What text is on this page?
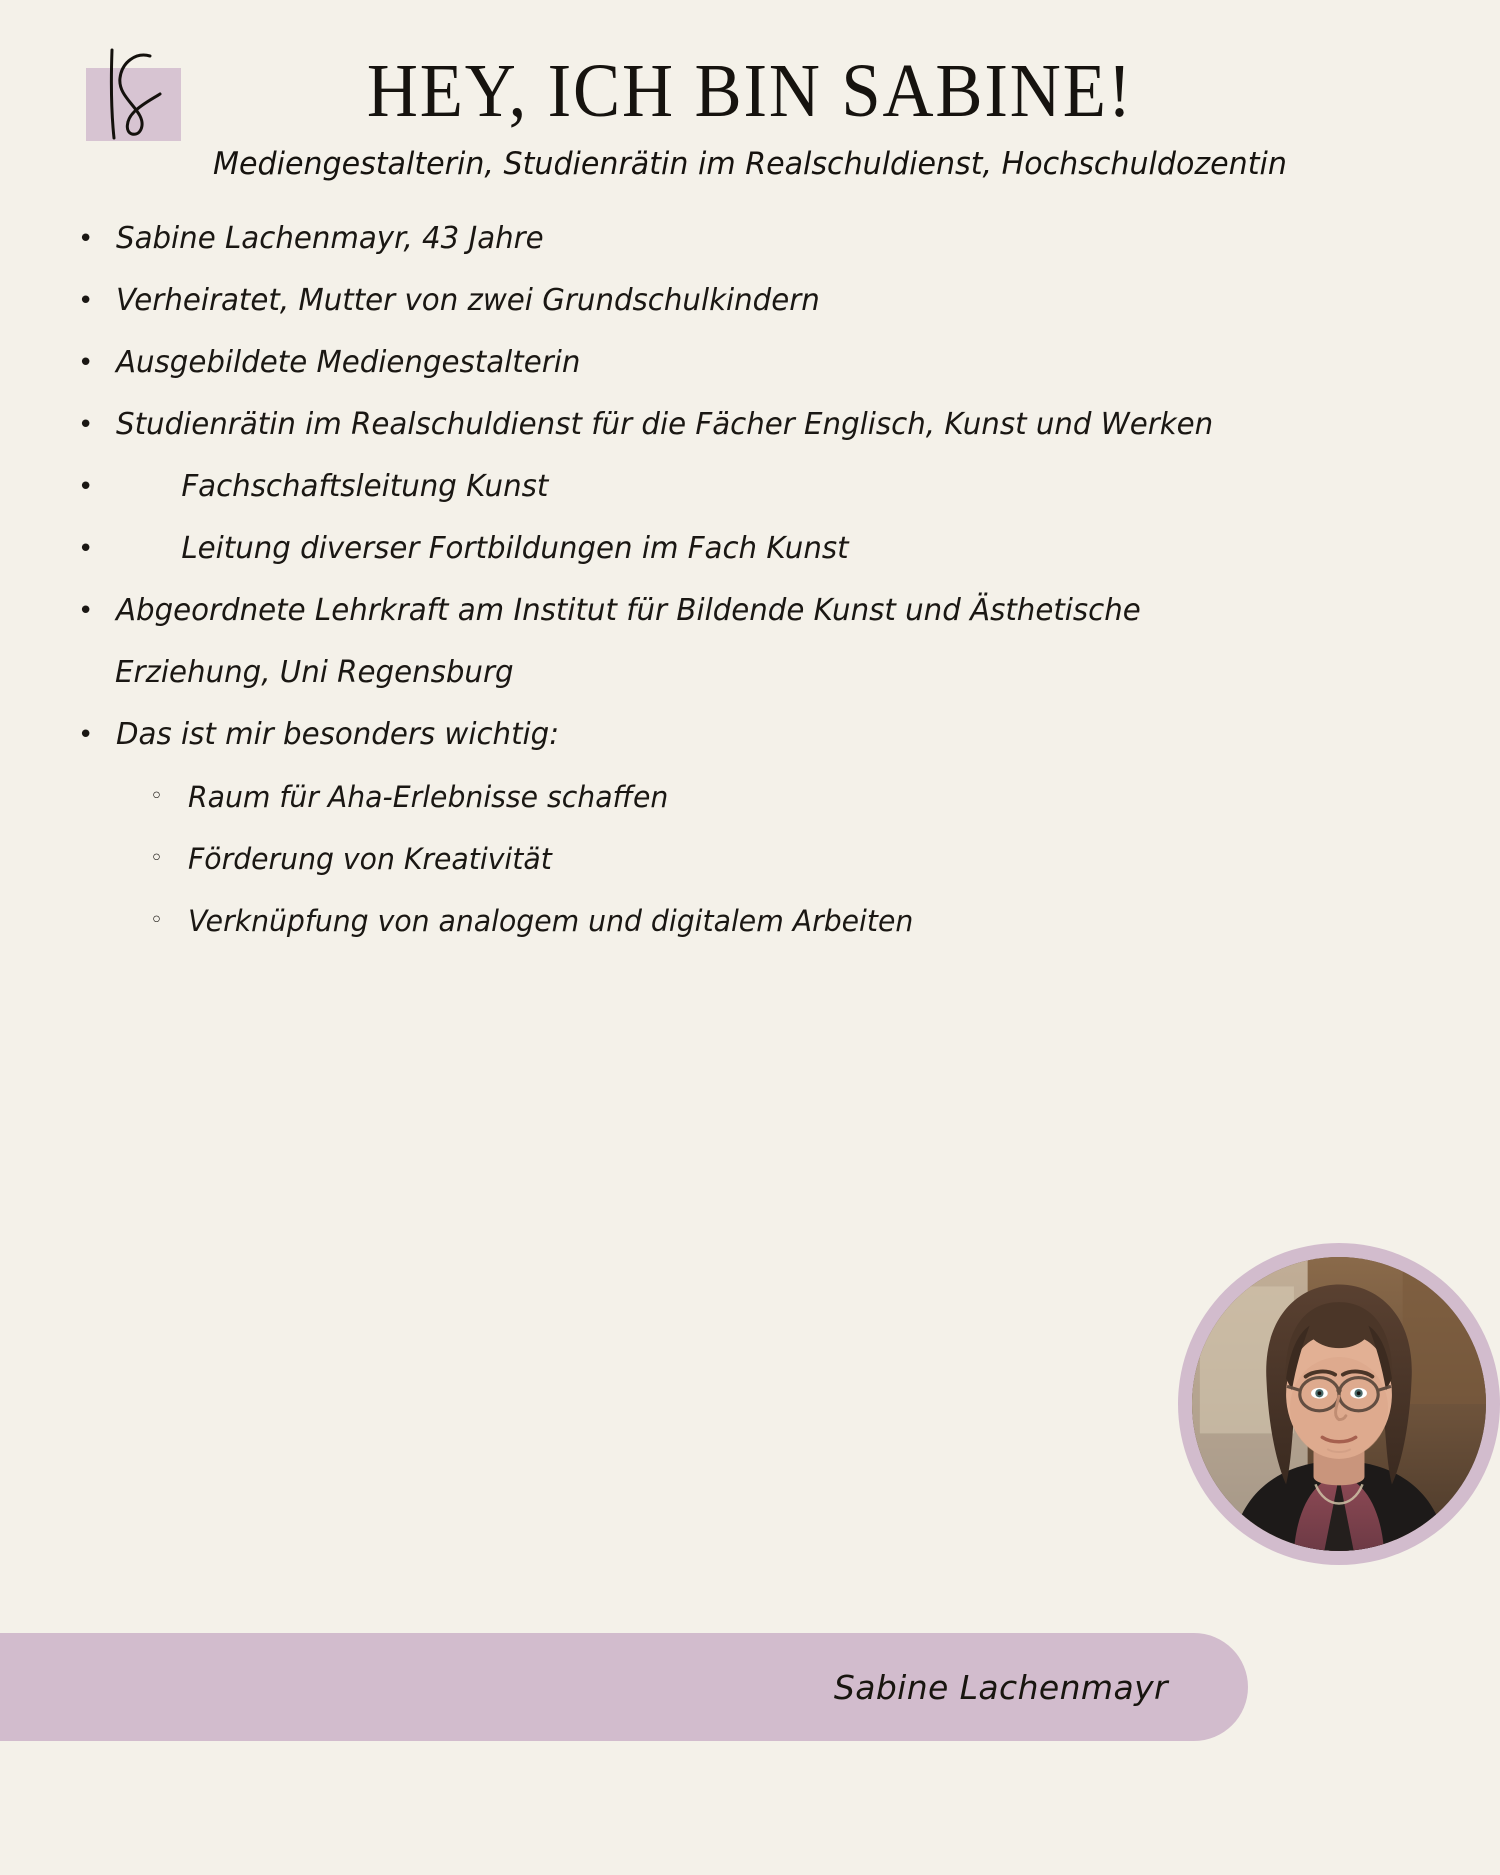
HEY, ICH BIN SABINE!
Mediengestalterin, Studienrätin im Realschuldienst, Hochschuldozentin
• Sabine Lachenmayr, 43 Jahre
• Verheiratet, Mutter von zwei Grundschulkindern
• Ausgebildete Mediengestalterin
• Studienrätin im Realschuldienst für die Fächer Englisch, Kunst und Werken
•	Fachschaftsleitung Kunst
•	Leitung diverser Fortbildungen im Fach Kunst
• Abgeordnete Lehrkraft am Institut für Bildende Kunst und Ästhetische
Erziehung, Uni Regensburg
• Das ist mir besonders wichtig:
◦ Raum für Aha-Erlebnisse schaffen
◦ Förderung von Kreativität
◦ Verknüpfung von analogem und digitalem Arbeiten
Sabine Lachenmayr
